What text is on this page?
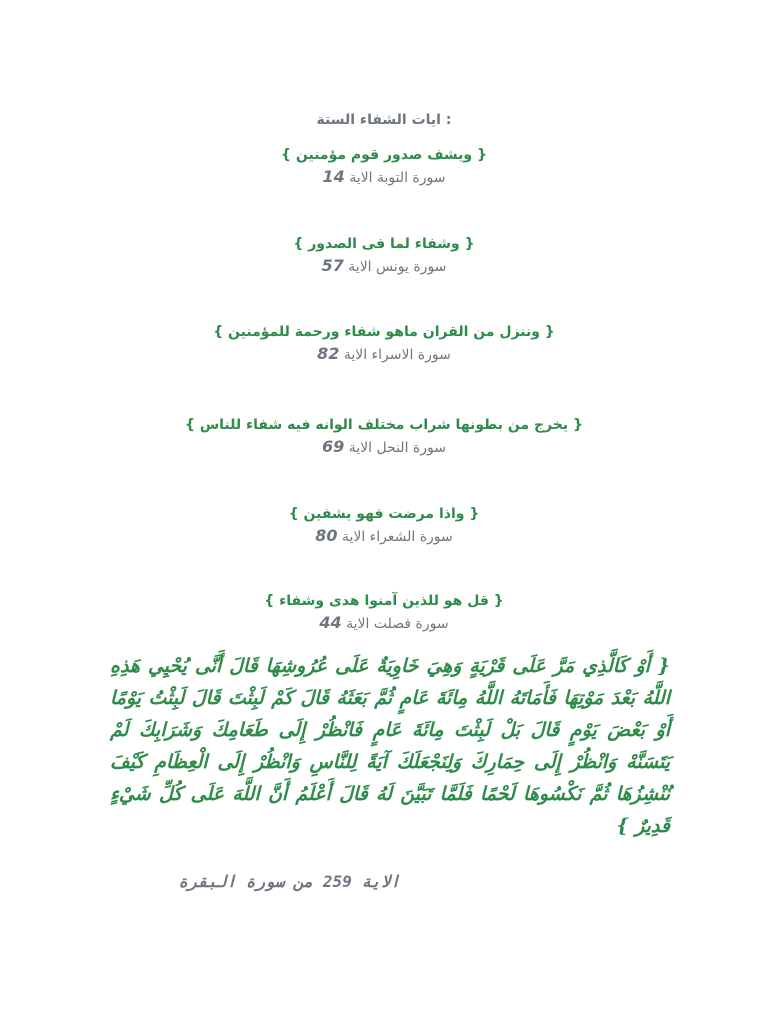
: ايات الشفاء الستة
{ ويشف صدور قوم مؤمنين }
سورة التوبة الاية 14
{ وشفاء لما فى الصدور }
سورة يونس الاية 57
{ وننزل من القران ماهو شفاء ورحمة للمؤمنين }
سورة الاسراء الاية 82
{ يخرج من بطونها شراب مختلف الوانه فيه شفاء للناس }
سورة النحل الاية 69
{ واذا مرضت فهو يشفين }
سورة الشعراء الاية 80
{ قل هو للذين آمنوا هدى وشفاء }
سورة فصلت الاية 44
{ أَوْ كَالَّذِي مَرَّ عَلَى قَرْيَةٍ وَهِيَ خَاوِيَةٌ عَلَى عُرُوشِهَا قَالَ أَنَّى يُحْيِي هَذِهِ اللَّهُ بَعْدَ مَوْتِهَا فَأَمَاتَهُ اللَّهُ مِائَةَ عَامٍ ثُمَّ بَعَثَهُ قَالَ كَمْ لَبِثْتَ قَالَ لَبِثْتُ يَوْمًا أَوْ بَعْضَ يَوْمٍ قَالَ بَلْ لَبِثْتَ مِائَةَ عَامٍ فَانْظُرْ إِلَى طَعَامِكَ وَشَرَابِكَ لَمْ يَتَسَنَّهْ وَانْظُرْ إِلَى حِمَارِكَ وَلِنَجْعَلَكَ آيَةً لِلنَّاسِ وَانْظُرْ إِلَى الْعِظَامِ كَيْفَ نُنْشِزُهَا ثُمَّ نَكْسُوهَا لَحْمًا فَلَمَّا تَبَيَّنَ لَهُ قَالَ أَعْلَمُ أَنَّ اللَّهَ عَلَى كُلِّ شَيْءٍ قَدِيرٌ }
الاية 259 من سورة البقرة
